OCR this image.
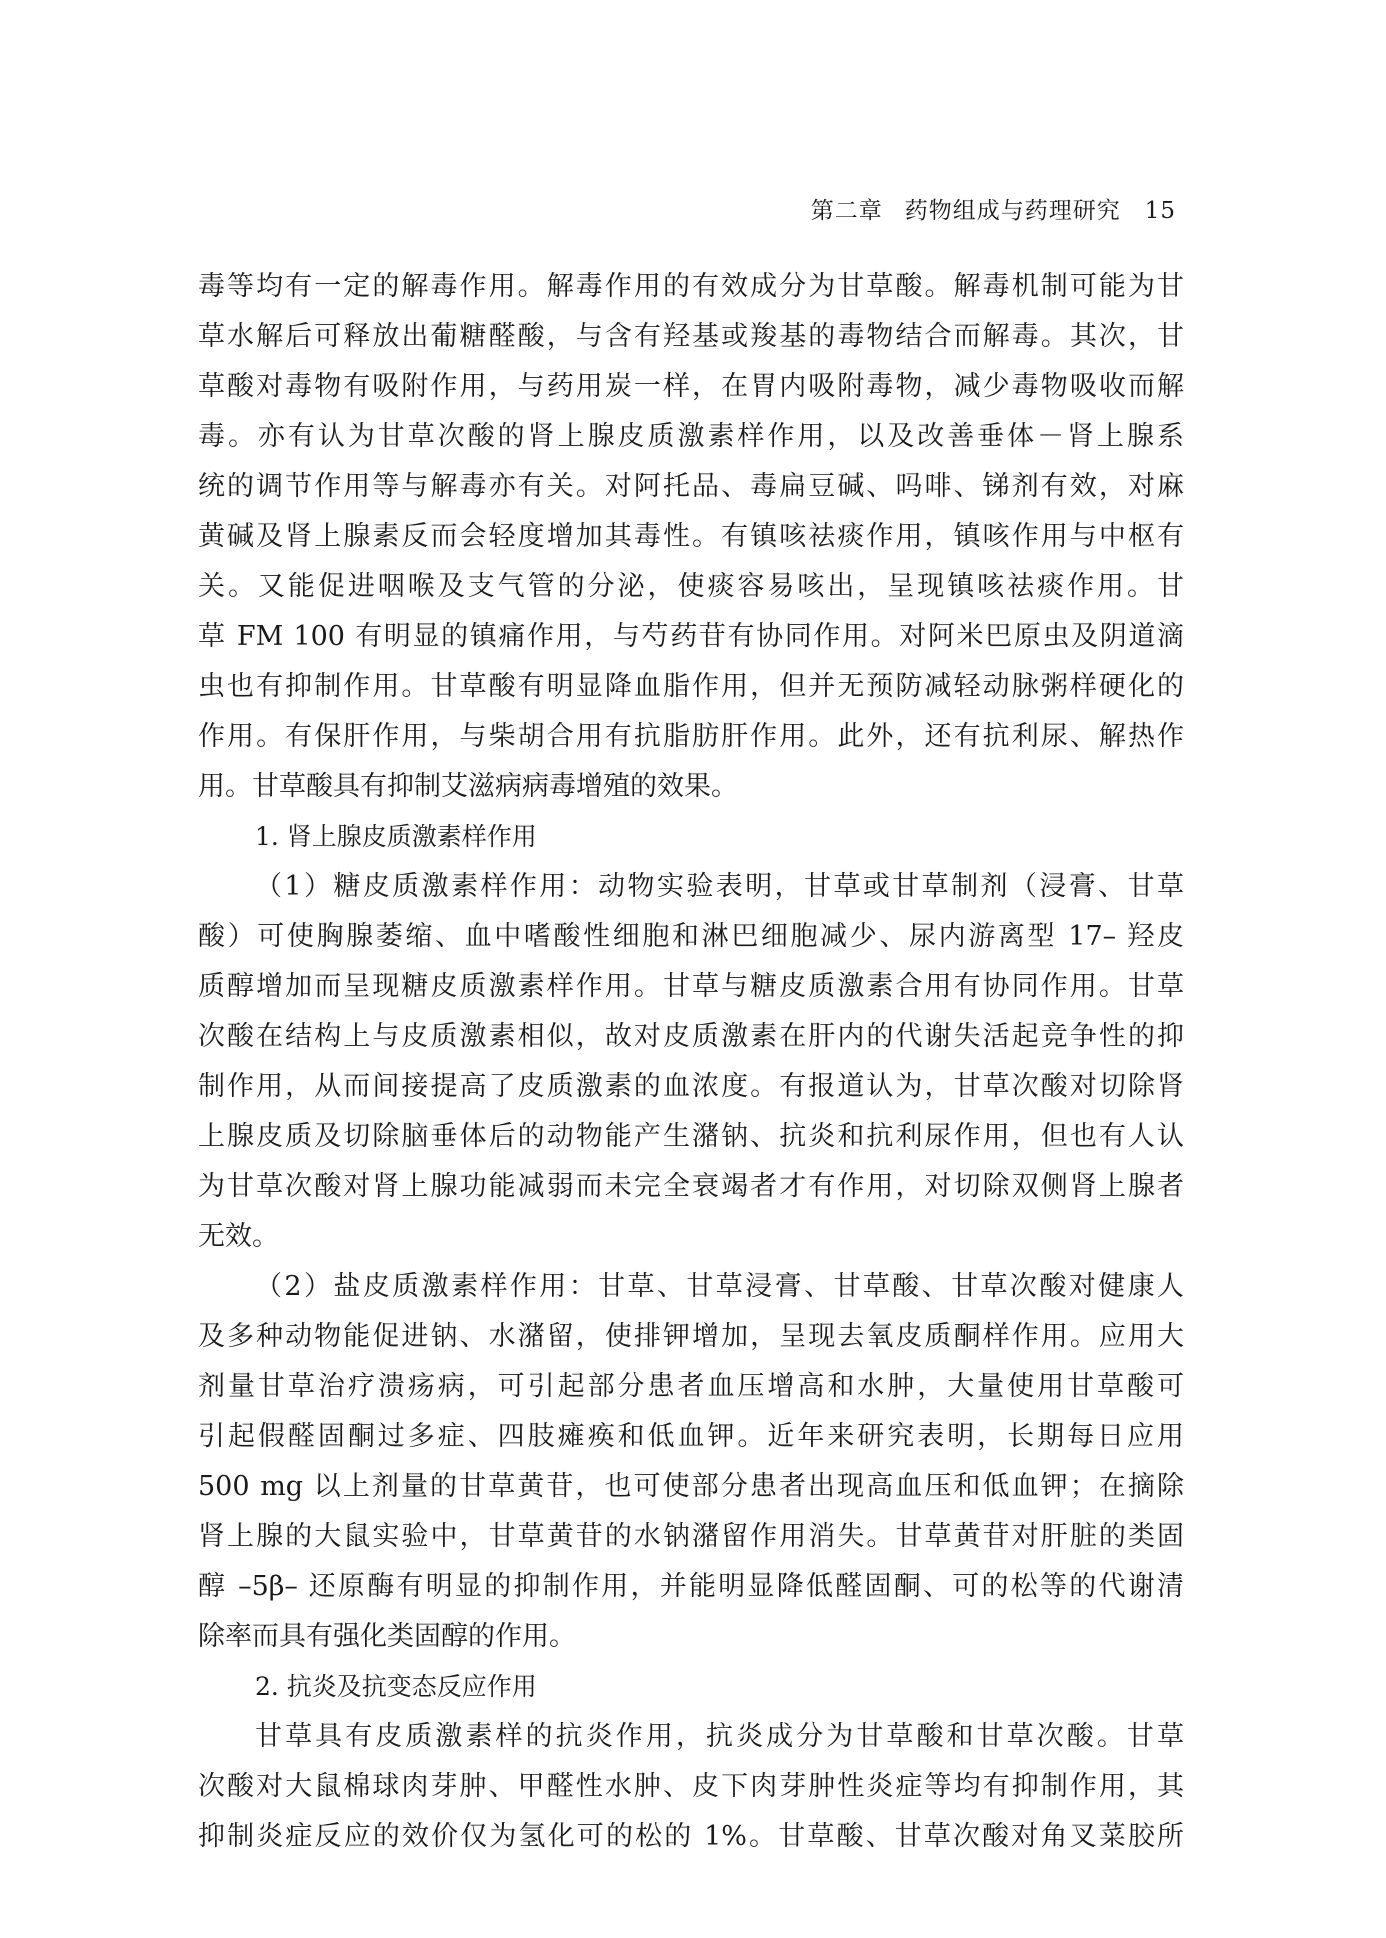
第二章 药物组成与药理研究 15
毒等均有一定的解毒作用。解毒作用的有效成分为甘草酸。解毒机制可能为甘
草水解后可释放出葡糖醛酸，与含有羟基或羧基的毒物结合而解毒。其次，甘
草酸对毒物有吸附作用，与药用炭一样，在胃内吸附毒物，减少毒物吸收而解
毒。亦有认为甘草次酸的肾上腺皮质激素样作用，以及改善垂体－肾上腺系
统的调节作用等与解毒亦有关。对阿托品、毒扁豆碱、吗啡、锑剂有效，对麻
黄碱及肾上腺素反而会轻度增加其毒性。有镇咳祛痰作用，镇咳作用与中枢有
关。又能促进咽喉及支气管的分泌，使痰容易咳出，呈现镇咳祛痰作用。甘
草 FM 100 有明显的镇痛作用，与芍药苷有协同作用。对阿米巴原虫及阴道滴
虫也有抑制作用。甘草酸有明显降血脂作用，但并无预防减轻动脉粥样硬化的
作用。有保肝作用，与柴胡合用有抗脂肪肝作用。此外，还有抗利尿、解热作
用。甘草酸具有抑制艾滋病病毒增殖的效果。
1. 肾上腺皮质激素样作用
（1）糖皮质激素样作用：动物实验表明，甘草或甘草制剂（浸膏、甘草
酸）可使胸腺萎缩、血中嗜酸性细胞和淋巴细胞减少、尿内游离型 17– 羟皮
质醇增加而呈现糖皮质激素样作用。甘草与糖皮质激素合用有协同作用。甘草
次酸在结构上与皮质激素相似，故对皮质激素在肝内的代谢失活起竞争性的抑
制作用，从而间接提高了皮质激素的血浓度。有报道认为，甘草次酸对切除肾
上腺皮质及切除脑垂体后的动物能产生潴钠、抗炎和抗利尿作用，但也有人认
为甘草次酸对肾上腺功能减弱而未完全衰竭者才有作用，对切除双侧肾上腺者
无效。
（2）盐皮质激素样作用：甘草、甘草浸膏、甘草酸、甘草次酸对健康人
及多种动物能促进钠、水潴留，使排钾增加，呈现去氧皮质酮样作用。应用大
剂量甘草治疗溃疡病，可引起部分患者血压增高和水肿，大量使用甘草酸可
引起假醛固酮过多症、四肢瘫痪和低血钾。近年来研究表明，长期每日应用
500 mg 以上剂量的甘草黄苷，也可使部分患者出现高血压和低血钾；在摘除
肾上腺的大鼠实验中，甘草黄苷的水钠潴留作用消失。甘草黄苷对肝脏的类固
醇 –5β– 还原酶有明显的抑制作用，并能明显降低醛固酮、可的松等的代谢清
除率而具有强化类固醇的作用。
2. 抗炎及抗变态反应作用
甘草具有皮质激素样的抗炎作用，抗炎成分为甘草酸和甘草次酸。甘草
次酸对大鼠棉球肉芽肿、甲醛性水肿、皮下肉芽肿性炎症等均有抑制作用，其
抑制炎症反应的效价仅为氢化可的松的 1%。甘草酸、甘草次酸对角叉菜胶所
